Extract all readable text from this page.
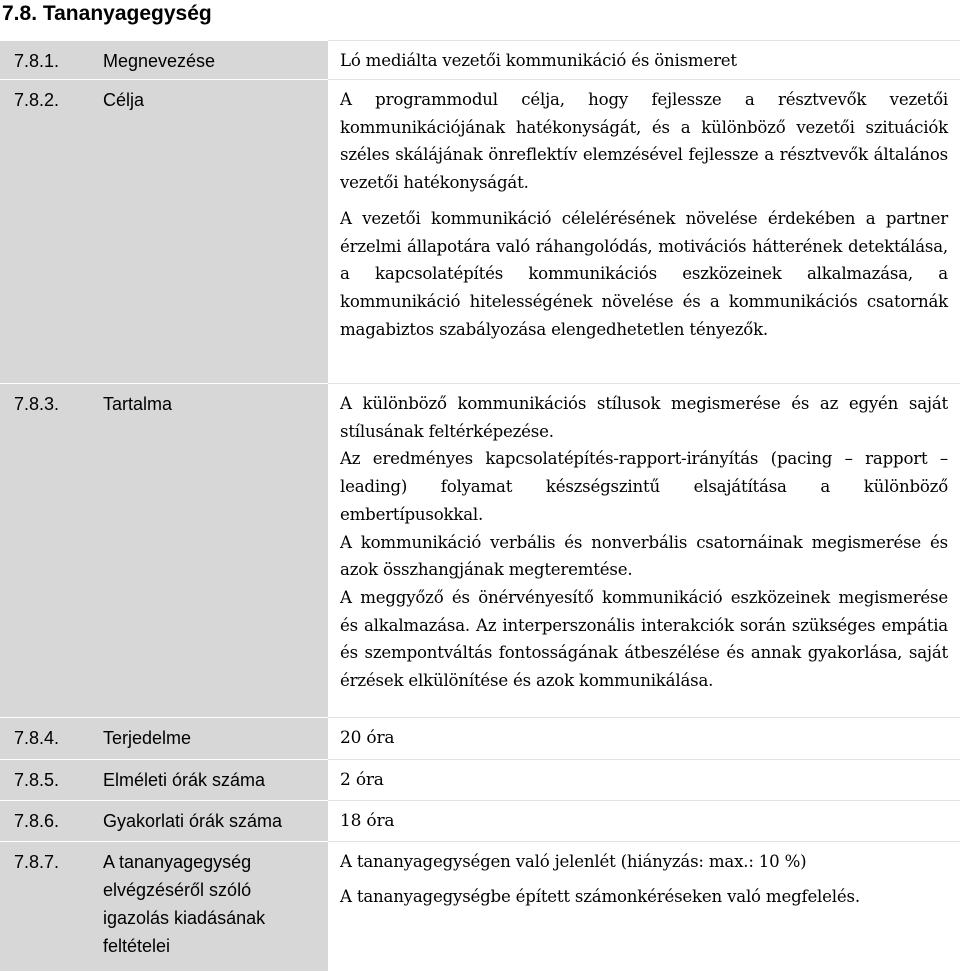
7.8. Tananyagegység
7.8.1.	Megnevezése	Ló mediálta vezetői kommunikáció és önismeret

7.8.2.	Célja	A programmodul célja, hogy fejlessze a résztvevők vezetői kommunikációjának hatékonyságát, és a különböző vezetői szituációk széles skálájának önreflektív elemzésével fejlessze a résztvevők általános vezetői hatékonyságát.

A vezetői kommunikáció célelérésének növelése érdekében a partner érzelmi állapotára való ráhangolódás, motivációs hátterének detektálása, a kapcsolatépítés kommunikációs eszközeinek alkalmazása, a kommunikáció hitelességének növelése és a kommunikációs csatornák magabiztos szabályozása elengedhetetlen tényezők.

7.8.3.	Tartalma	A különböző kommunikációs stílusok megismerése és az egyén saját stílusának feltérképezése.

Az eredményes kapcsolatépítés-rapport-irányítás (pacing – rapport – leading) folyamat készségszintű elsajátítása a különböző embertípusokkal.

A kommunikáció verbális és nonverbális csatornáinak megismerése és azok összhangjának megteremtése.

A meggyőző és önérvényesítő kommunikáció eszközeinek megismerése és alkalmazása. Az interperszonális interakciók során szükséges empátia és szempontváltás fontosságának átbeszélése és annak gyakorlása, saját érzések elkülönítése és azok kommunikálása.

7.8.4.	Terjedelme	20 óra

7.8.5.	Elméleti órák száma	2 óra

7.8.6.	Gyakorlati órák száma	18 óra

7.8.7.	A tananyagegység elvégzéséről szóló igazolás kiadásának feltételei

A tananyagegységen való jelenlét (hiányzás: max.: 10 %)

A tananyagegységbe épített számonkéréseken való megfelelés.
